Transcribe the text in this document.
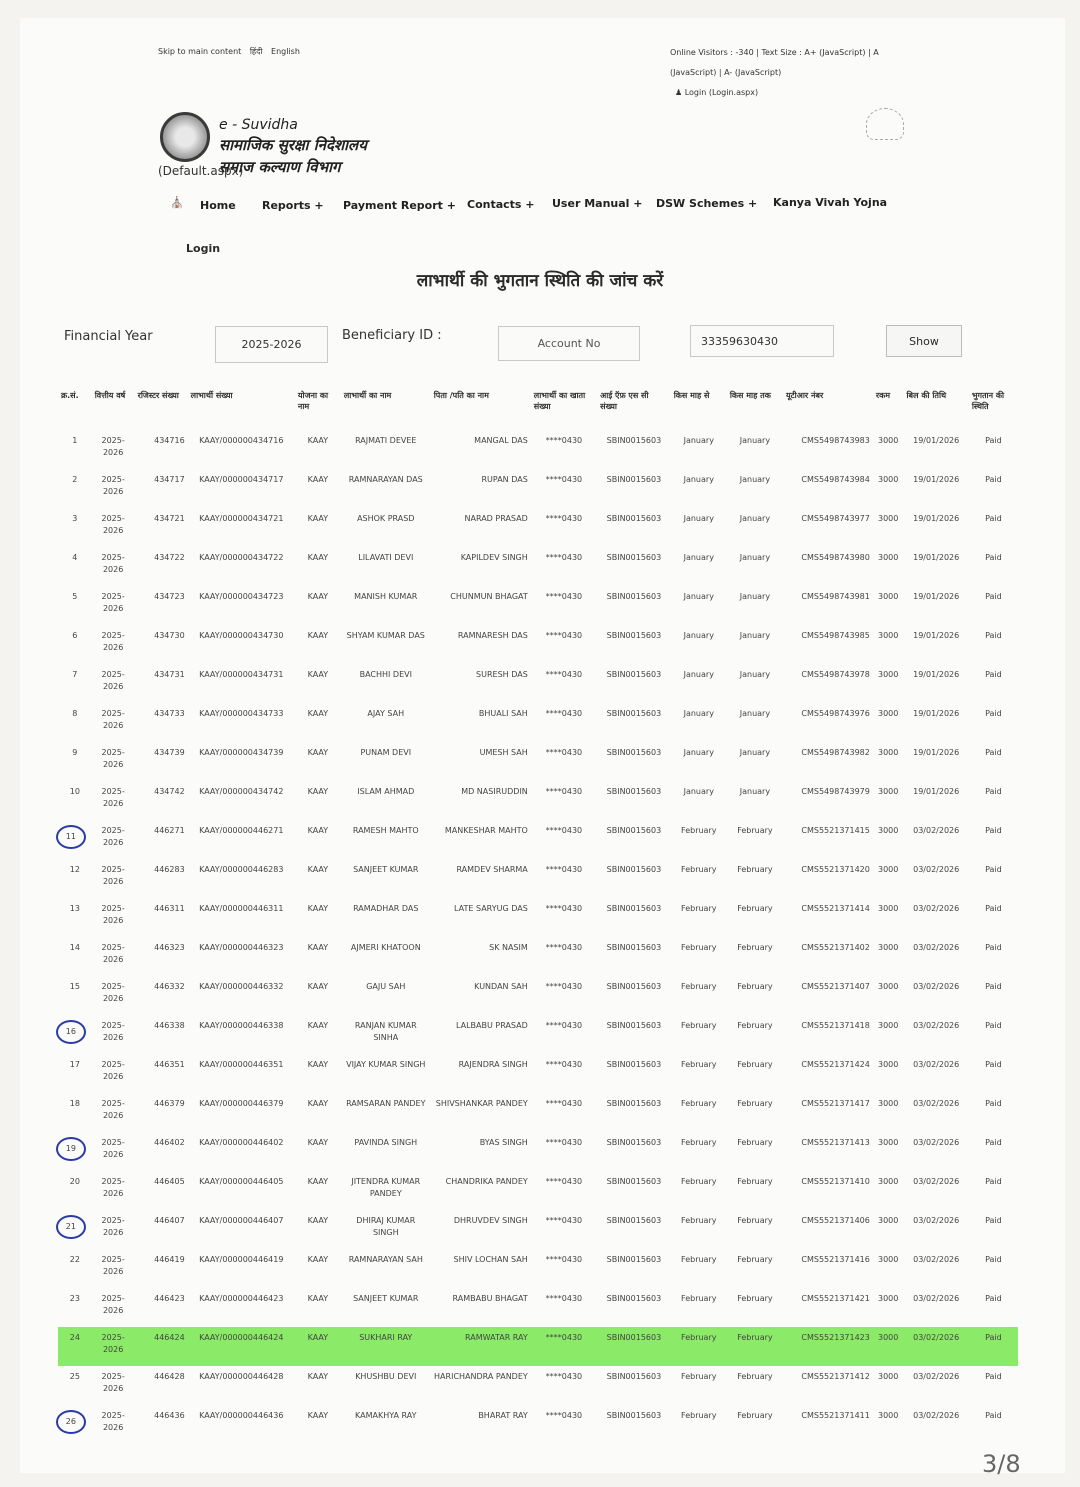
Skip to main content हिंदी English	Online Visitors : -340 | Text Size : A+ (JavaScript) | A
(JavaScript) | A- (JavaScript)
♟ Login (Login.aspx)
e - Suvidha
सामाजिक सुरक्षा निदेशालय
समाज कल्याण विभाग
(Default.aspx)
⛪ Home Reports + Payment Report + Contacts + User Manual + DSW Schemes + Kanya Vivah Yojna
Login
लाभार्थी की भुगतान स्थिति की जांच करें
Financial Year
2025-2026
Beneficiary ID :
Account No	33359630430	Show
क्र.सं.	वित्तीय वर्ष	रजिस्टर संख्या	लाभार्थी संख्या	योजना का नाम	लाभार्थी का नाम	पिता /पति का नाम	लाभार्थी का खाता संख्या	आई ऍफ़ एस सी संख्या	किस माह से	किस माह तक	यूटीआर नंबर	रकम	बिल की तिथि	भुगतान की स्थिति
1	2025-2026	434716	KAAY/000000434716	KAAY	RAJMATI DEVEE	MANGAL DAS	****0430	SBIN0015603	January	January	CMS5498743983	3000	19/01/2026	Paid
2	2025-2026	434717	KAAY/000000434717	KAAY	RAMNARAYAN DAS	RUPAN DAS	****0430	SBIN0015603	January	January	CMS5498743984	3000	19/01/2026	Paid
3	2025-2026	434721	KAAY/000000434721	KAAY	ASHOK PRASD	NARAD PRASAD	****0430	SBIN0015603	January	January	CMS5498743977	3000	19/01/2026	Paid
4	2025-2026	434722	KAAY/000000434722	KAAY	LILAVATI DEVI	KAPILDEV SINGH	****0430	SBIN0015603	January	January	CMS5498743980	3000	19/01/2026	Paid
5	2025-2026	434723	KAAY/000000434723	KAAY	MANISH KUMAR	CHUNMUN BHAGAT	****0430	SBIN0015603	January	January	CMS5498743981	3000	19/01/2026	Paid
6	2025-2026	434730	KAAY/000000434730	KAAY	SHYAM KUMAR DAS	RAMNARESH DAS	****0430	SBIN0015603	January	January	CMS5498743985	3000	19/01/2026	Paid
7	2025-2026	434731	KAAY/000000434731	KAAY	BACHHI DEVI	SURESH DAS	****0430	SBIN0015603	January	January	CMS5498743978	3000	19/01/2026	Paid
8	2025-2026	434733	KAAY/000000434733	KAAY	AJAY SAH	BHUALI SAH	****0430	SBIN0015603	January	January	CMS5498743976	3000	19/01/2026	Paid
9	2025-2026	434739	KAAY/000000434739	KAAY	PUNAM DEVI	UMESH SAH	****0430	SBIN0015603	January	January	CMS5498743982	3000	19/01/2026	Paid
10	2025-2026	434742	KAAY/000000434742	KAAY	ISLAM AHMAD	MD NASIRUDDIN	****0430	SBIN0015603	January	January	CMS5498743979	3000	19/01/2026	Paid
11	2025-2026	446271	KAAY/000000446271	KAAY	RAMESH MAHTO	MANKESHAR MAHTO	****0430	SBIN0015603	February	February	CMS5521371415	3000	03/02/2026	Paid
12	2025-2026	446283	KAAY/000000446283	KAAY	SANJEET KUMAR	RAMDEV SHARMA	****0430	SBIN0015603	February	February	CMS5521371420	3000	03/02/2026	Paid
13	2025-2026	446311	KAAY/000000446311	KAAY	RAMADHAR DAS	LATE SARYUG DAS	****0430	SBIN0015603	February	February	CMS5521371414	3000	03/02/2026	Paid
14	2025-2026	446323	KAAY/000000446323	KAAY	AJMERI KHATOON	SK NASIM	****0430	SBIN0015603	February	February	CMS5521371402	3000	03/02/2026	Paid
15	2025-2026	446332	KAAY/000000446332	KAAY	GAJU SAH	KUNDAN SAH	****0430	SBIN0015603	February	February	CMS5521371407	3000	03/02/2026	Paid
16	2025-2026	446338	KAAY/000000446338	KAAY	RANJAN KUMAR SINHA	LALBABU PRASAD	****0430	SBIN0015603	February	February	CMS5521371418	3000	03/02/2026	Paid
17	2025-2026	446351	KAAY/000000446351	KAAY	VIJAY KUMAR SINGH	RAJENDRA SINGH	****0430	SBIN0015603	February	February	CMS5521371424	3000	03/02/2026	Paid
18	2025-2026	446379	KAAY/000000446379	KAAY	RAMSARAN PANDEY	SHIVSHANKAR PANDEY	****0430	SBIN0015603	February	February	CMS5521371417	3000	03/02/2026	Paid
19	2025-2026	446402	KAAY/000000446402	KAAY	PAVINDA SINGH	BYAS SINGH	****0430	SBIN0015603	February	February	CMS5521371413	3000	03/02/2026	Paid
20	2025-2026	446405	KAAY/000000446405	KAAY	JITENDRA KUMAR PANDEY	CHANDRIKA PANDEY	****0430	SBIN0015603	February	February	CMS5521371410	3000	03/02/2026	Paid
21	2025-2026	446407	KAAY/000000446407	KAAY	DHIRAJ KUMAR SINGH	DHRUVDEV SINGH	****0430	SBIN0015603	February	February	CMS5521371406	3000	03/02/2026	Paid
22	2025-2026	446419	KAAY/000000446419	KAAY	RAMNARAYAN SAH	SHIV LOCHAN SAH	****0430	SBIN0015603	February	February	CMS5521371416	3000	03/02/2026	Paid
23	2025-2026	446423	KAAY/000000446423	KAAY	SANJEET KUMAR	RAMBABU BHAGAT	****0430	SBIN0015603	February	February	CMS5521371421	3000	03/02/2026	Paid
24	2025-2026	446424	KAAY/000000446424	KAAY	SUKHARI RAY	RAMWATAR RAY	****0430	SBIN0015603	February	February	CMS5521371423	3000	03/02/2026	Paid
25	2025-2026	446428	KAAY/000000446428	KAAY	KHUSHBU DEVI	HARICHANDRA PANDEY	****0430	SBIN0015603	February	February	CMS5521371412	3000	03/02/2026	Paid
26	2025-2026	446436	KAAY/000000446436	KAAY	KAMAKHYA RAY	BHARAT RAY	****0430	SBIN0015603	February	February	CMS5521371411	3000	03/02/2026	Paid
3/8
